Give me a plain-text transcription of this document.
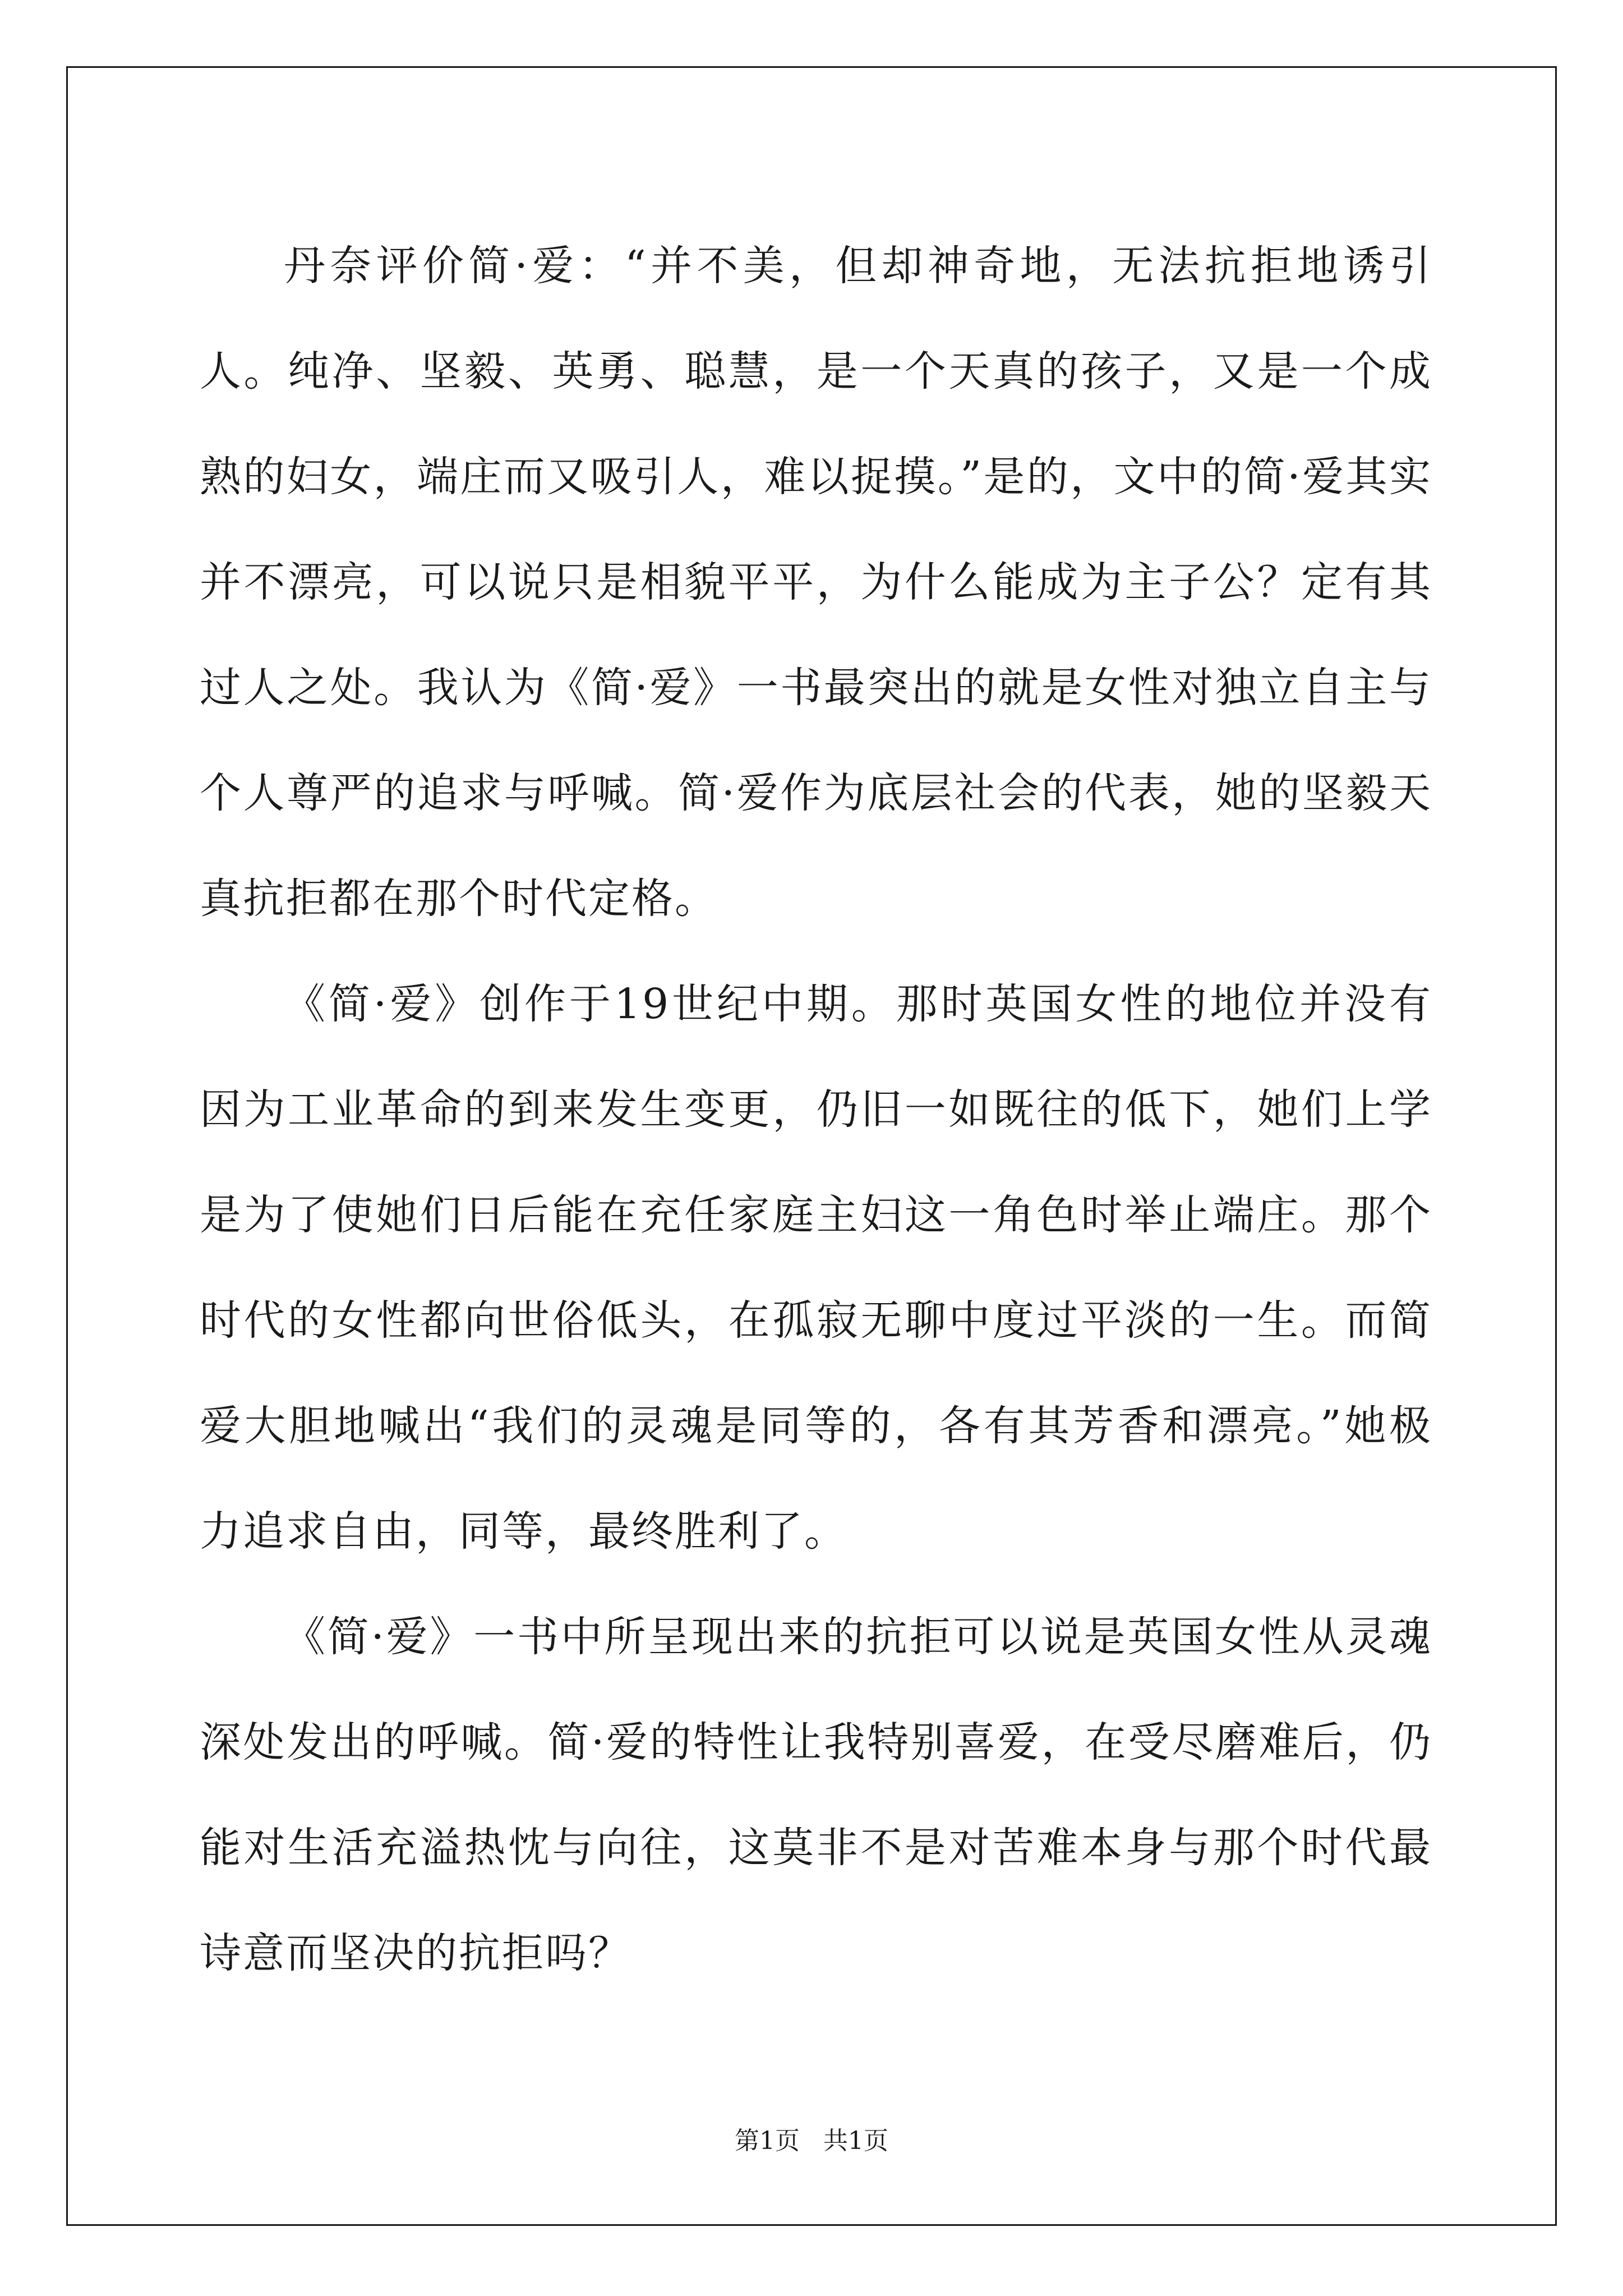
丹奈评价简·爱：“并不美，但却神奇地，无法抗拒地诱引人。纯净、坚毅、英勇、聪慧，是一个天真的孩子，又是一个成熟的妇女，端庄而又吸引人，难以捉摸。”是的，文中的简·爱其实并不漂亮，可以说只是相貌平平，为什么能成为主子公？定有其过人之处。我认为《简·爱》一书最突出的就是女性对独立自主与个人尊严的追求与呼喊。简·爱作为底层社会的代表，她的坚毅天真抗拒都在那个时代定格。

《简·爱》创作于19世纪中期。那时英国女性的地位并没有因为工业革命的到来发生变更，仍旧一如既往的低下，她们上学是为了使她们日后能在充任家庭主妇这一角色时举止端庄。那个时代的女性都向世俗低头，在孤寂无聊中度过平淡的一生。而简爱大胆地喊出“我们的灵魂是同等的，各有其芳香和漂亮。”她极力追求自由，同等，最终胜利了。

《简·爱》一书中所呈现出来的抗拒可以说是英国女性从灵魂深处发出的呼喊。简·爱的特性让我特别喜爱，在受尽磨难后，仍能对生活充溢热忱与向往，这莫非不是对苦难本身与那个时代最诗意而坚决的抗拒吗？

第1页   共1页
